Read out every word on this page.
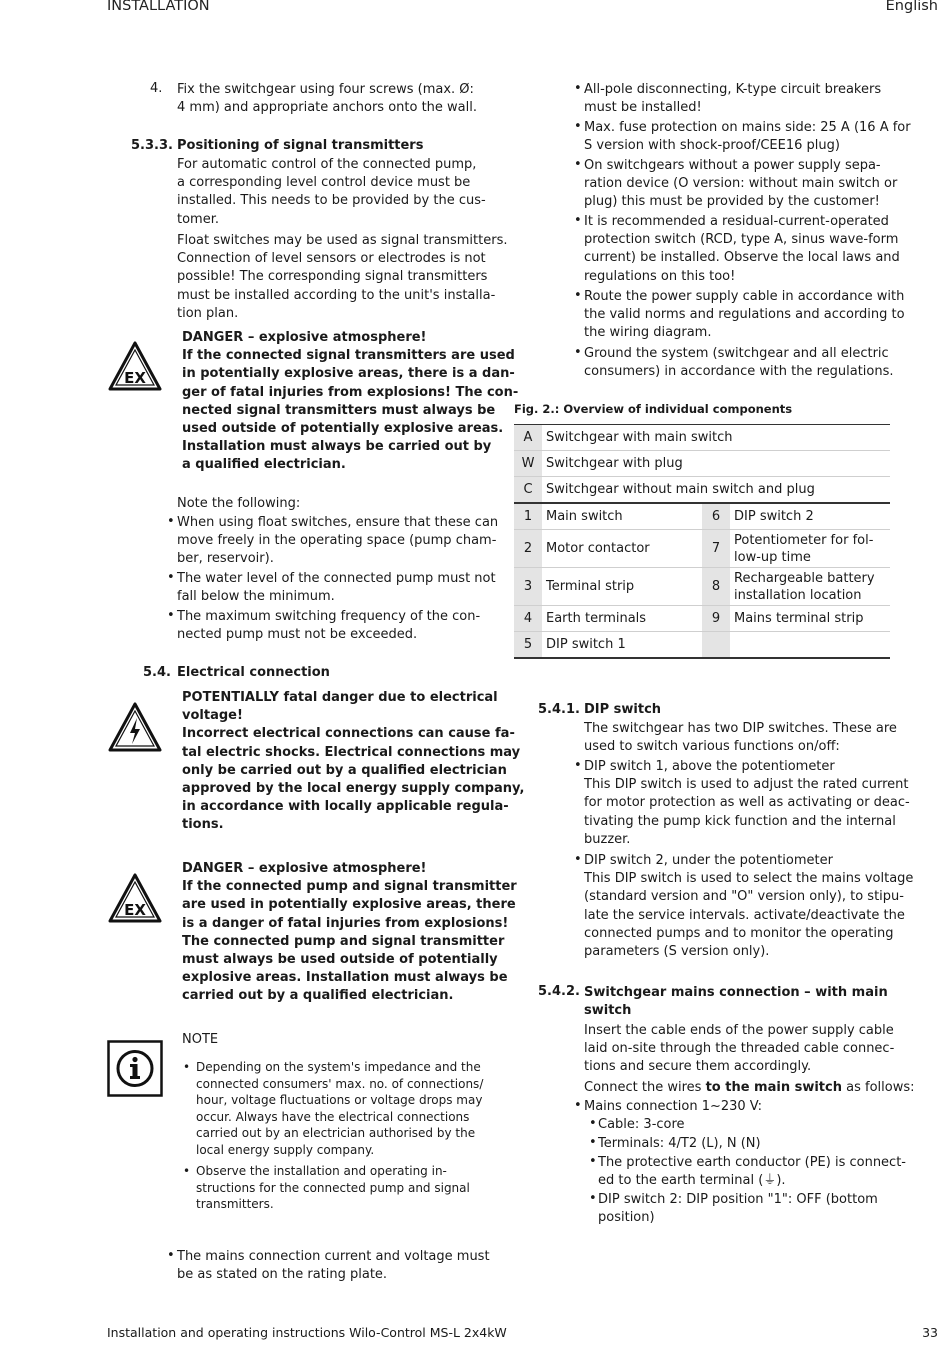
INSTALLATION	English
4. Fix the switchgear using four screws (max. Ø:
4 mm) and appropriate anchors onto the wall.
5.3.3. Positioning of signal transmitters
For automatic control of the connected pump,
a corresponding level control device must be
installed. This needs to be provided by the cus-
tomer.
Float switches may be used as signal transmitters.
Connection of level sensors or electrodes is not
possible! The corresponding signal transmitters
must be installed according to the unit's installa-
tion plan.
EX
DANGER – explosive atmosphere!
If the connected signal transmitters are used
in potentially explosive areas, there is a dan-
ger of fatal injuries from explosions! The con-
nected signal transmitters must always be
used outside of potentially explosive areas.
Installation must always be carried out by
a qualified electrician.
Note the following:
• When using float switches, ensure that these can
move freely in the operating space (pump cham-
ber, reservoir).
• The water level of the connected pump must not
fall below the minimum.
• The maximum switching frequency of the con-
nected pump must not be exceeded.
5.4. Electrical connection
POTENTIALLY fatal danger due to electrical
voltage!
Incorrect electrical connections can cause fa-
tal electric shocks. Electrical connections may
only be carried out by a qualified electrician
approved by the local energy supply company,
in accordance with locally applicable regula-
tions.
EX
DANGER – explosive atmosphere!
If the connected pump and signal transmitter
are used in potentially explosive areas, there
is a danger of fatal injuries from explosions!
The connected pump and signal transmitter
must always be used outside of potentially
explosive areas. Installation must always be
carried out by a qualified electrician.
NOTE
• Depending on the system's impedance and the
connected consumers' max. no. of connections/
hour, voltage fluctuations or voltage drops may
occur. Always have the electrical connections
carried out by an electrician authorised by the
local energy supply company.
• Observe the installation and operating in-
structions for the connected pump and signal
transmitters.
• The mains connection current and voltage must
be as stated on the rating plate.
• All-pole disconnecting, K-type circuit breakers
must be installed!
• Max. fuse protection on mains side: 25 A (16 A for
S version with shock-proof/CEE16 plug)
• On switchgears without a power supply sepa-
ration device (O version: without main switch or
plug) this must be provided by the customer!
• It is recommended a residual-current-operated
protection switch (RCD, type A, sinus wave-form
current) be installed. Observe the local laws and
regulations on this too!
• Route the power supply cable in accordance with
the valid norms and regulations and according to
the wiring diagram.
• Ground the system (switchgear and all electric
consumers) in accordance with the regulations.
Fig. 2.: Overview of individual components
A	Switchgear with main switch		
W	Switchgear with plug		
C	Switchgear without main switch and plug		
1	Main switch	6	DIP switch 2
2	Motor contactor	7	Potentiometer for fol-
low-up time
3	Terminal strip	8	Rechargeable battery
installation location
4	Earth terminals	9	Mains terminal strip
5	DIP switch 1		
5.4.1. DIP switch
The switchgear has two DIP switches. These are
used to switch various functions on/off:
• DIP switch 1, above the potentiometer
This DIP switch is used to adjust the rated current
for motor protection as well as activating or deac-
tivating the pump kick function and the internal
buzzer.
• DIP switch 2, under the potentiometer
This DIP switch is used to select the mains voltage
(standard version and "O" version only), to stipu-
late the service intervals. activate/deactivate the
connected pumps and to monitor the operating
parameters (S version only).
5.4.2. Switchgear mains connection – with main
switch
Insert the cable ends of the power supply cable
laid on-site through the threaded cable connec-
tions and secure them accordingly.
Connect the wires to the main switch as follows:
• Mains connection 1~230 V:
• Cable: 3-core
• Terminals: 4/T2 (L), N (N)
• The protective earth conductor (PE) is connect-
ed to the earth terminal (⏚).
• DIP switch 2: DIP position "1": OFF (bottom
position)
Installation and operating instructions Wilo-Control MS-L 2x4kW	33
